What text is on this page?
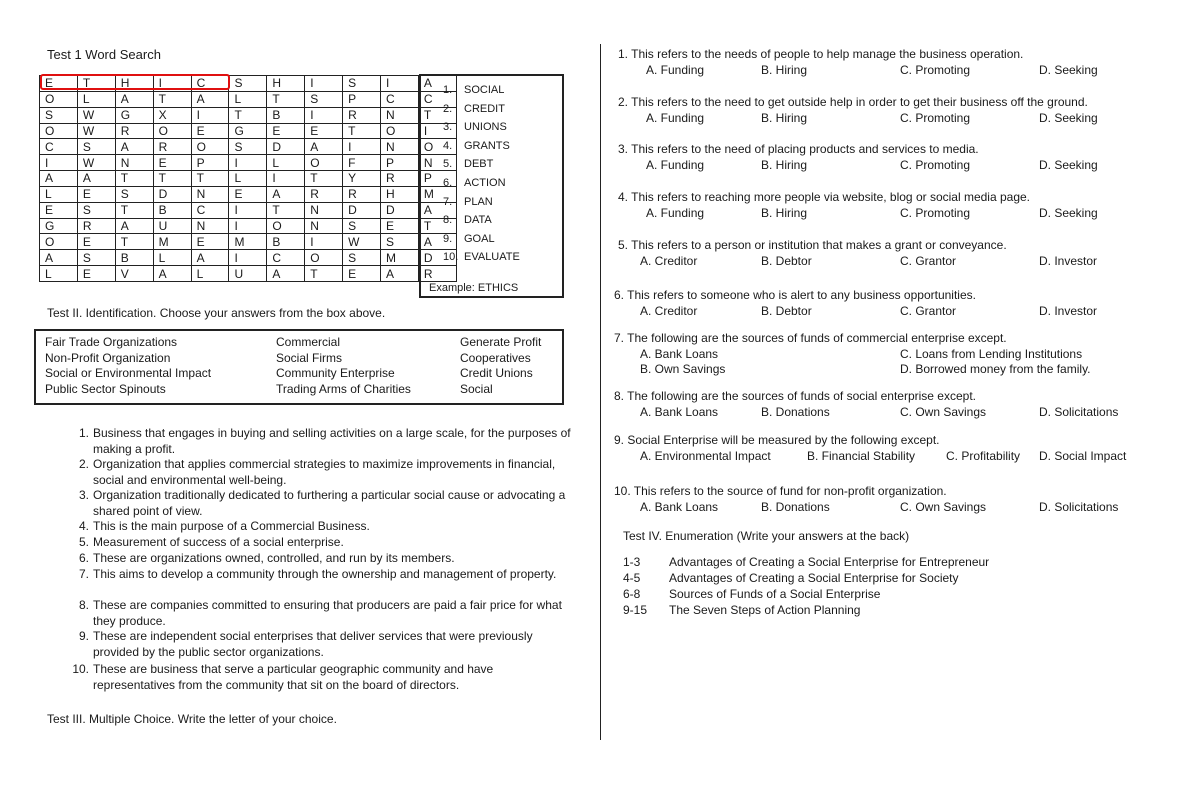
Test 1 Word Search
E	T	H	I	C	S	H	I	S	I	A
O	L	A	T	A	L	T	S	P	C	C
S	W	G	X	I	T	B	I	R	N	T
O	W	R	O	E	G	E	E	T	O	I
C	S	A	R	O	S	D	A	I	N	O
I	W	N	E	P	I	L	O	F	P	N
A	A	T	T	T	L	I	T	Y	R	P
L	E	S	D	N	E	A	R	R	H	M
E	S	T	B	C	I	T	N	D	D	A
G	R	A	U	N	I	O	N	S	E	T
O	E	T	M	E	M	B	I	W	S	A
A	S	B	L	A	I	C	O	S	M	D
L	E	V	A	L	U	A	T	E	A	R
Example: ETHICS
1. SOCIAL
2. CREDIT
3. UNIONS
4. GRANTS
5. DEBT
6. ACTION
7. PLAN
8. DATA
9. GOAL
10. EVALUATE
Test II. Identification. Choose your answers from the box above.
Fair Trade Organizations	Commercial	Generate Profit
Non-Profit Organization	Social Firms	Cooperatives
Social or Environmental Impact	Community Enterprise	Credit Unions
Public Sector Spinouts	Trading Arms of Charities	Social
1. Business that engages in buying and selling activities on a large scale, for the purposes of making a profit.
2. Organization that applies commercial strategies to maximize improvements in financial, social and environmental well-being.
3. Organization traditionally dedicated to furthering a particular social cause or advocating a shared point of view.
4. This is the main purpose of a Commercial Business.
5. Measurement of success of a social enterprise.
6. These are organizations owned, controlled, and run by its members.
7. This aims to develop a community through the ownership and management of property.
8. These are companies committed to ensuring that producers are paid a fair price for what they produce.
9. These are independent social enterprises that deliver services that were previously provided by the public sector organizations.
10. These are business that serve a particular geographic community and have representatives from the community that sit on the board of directors.
Test III. Multiple Choice. Write the letter of your choice.
1. This refers to the needs of people to help manage the business operation.
A. Funding	B. Hiring	C. Promoting	D. Seeking
2. This refers to the need to get outside help in order to get their business off the ground.
A. Funding	B. Hiring	C. Promoting	D. Seeking
3. This refers to the need of placing products and services to media.
A. Funding	B. Hiring	C. Promoting	D. Seeking
4. This refers to reaching more people via website, blog or social media page.
A. Funding	B. Hiring	C. Promoting	D. Seeking
5. This refers to a person or institution that makes a grant or conveyance.
A. Creditor	B. Debtor	C. Grantor	D. Investor
6. This refers to someone who is alert to any business opportunities.
A. Creditor	B. Debtor	C. Grantor	D. Investor
7. The following are the sources of funds of commercial enterprise except.
A. Bank Loans
B. Own Savings
C. Loans from Lending Institutions
D. Borrowed money from the family.
8. The following are the sources of funds of social enterprise except.
A. Bank Loans	B. Donations	C. Own Savings	D. Solicitations
9. Social Enterprise will be measured by the following except.
A. Environmental Impact	B. Financial Stability	C. Profitability D. Social Impact
10. This refers to the source of fund for non-profit organization.
A. Bank Loans	B. Donations	C. Own Savings	D. Solicitations
Test IV. Enumeration (Write your answers at the back)
1-3 Advantages of Creating a Social Enterprise for Entrepreneur
4-5 Advantages of Creating a Social Enterprise for Society
6-8 Sources of Funds of a Social Enterprise
9-15 The Seven Steps of Action Planning
